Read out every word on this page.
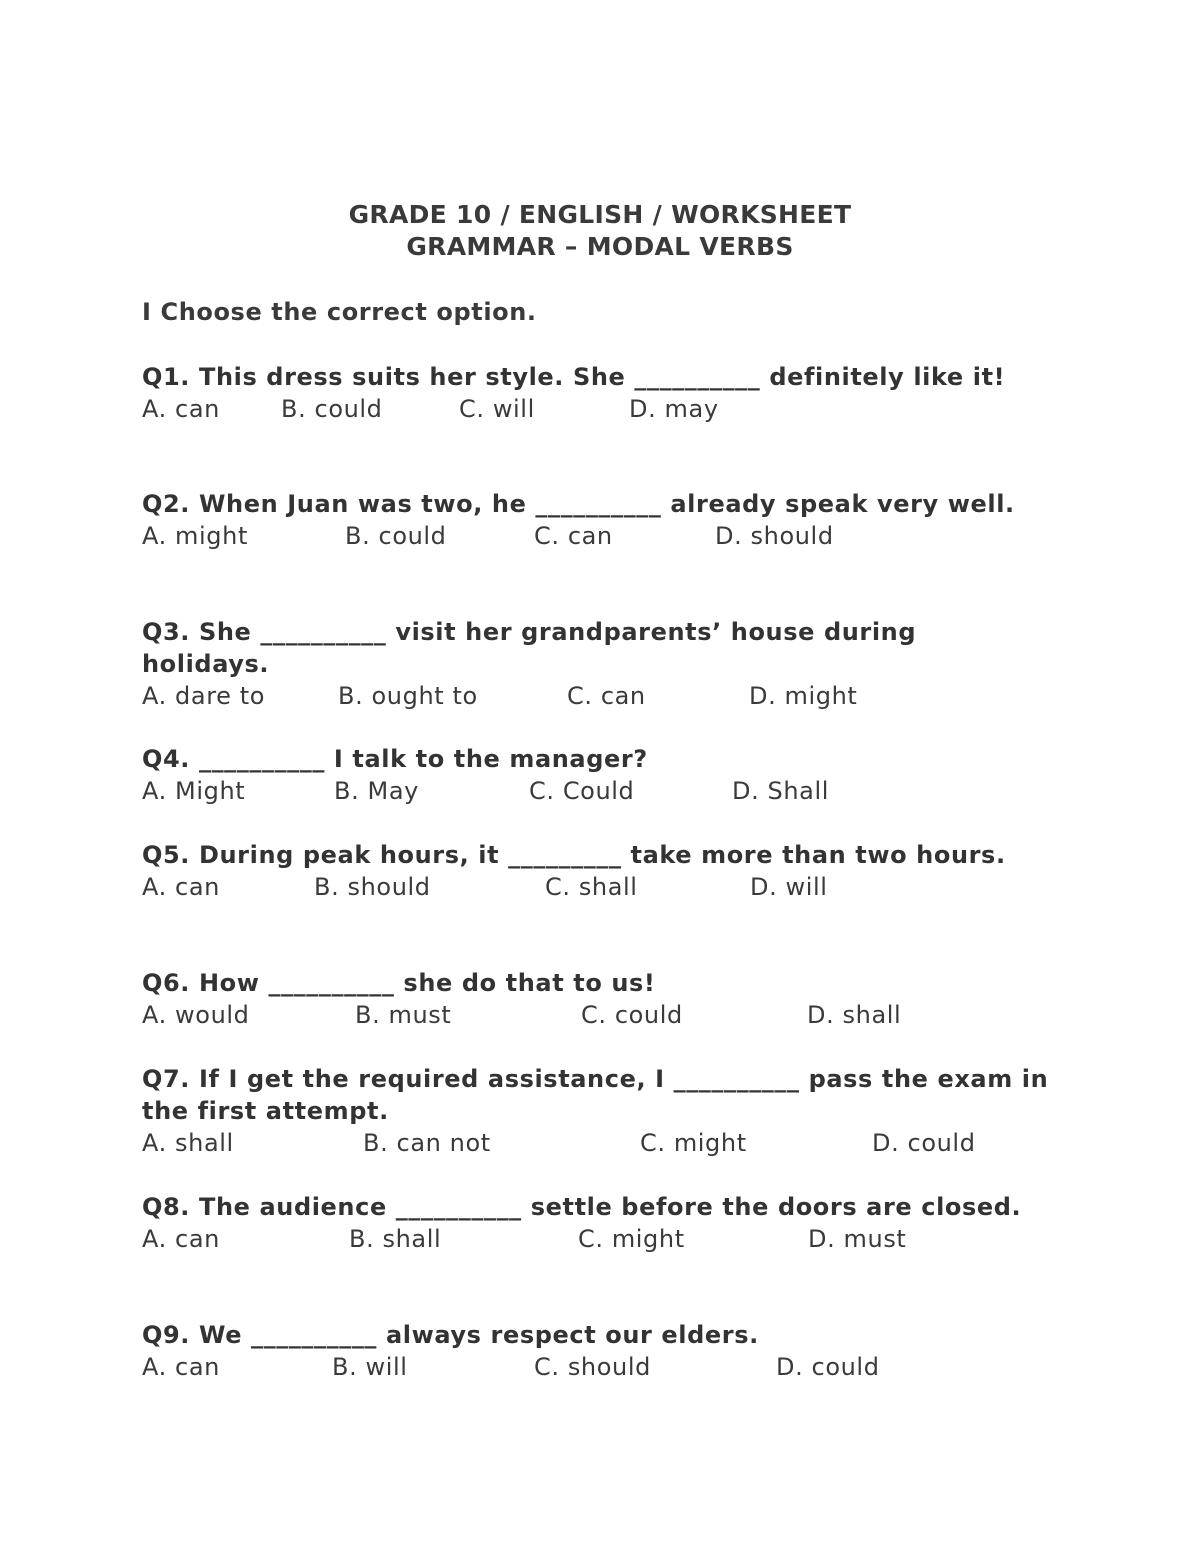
GRADE 10 / ENGLISH / WORKSHEET
GRAMMAR – MODAL VERBS
I Choose the correct option.
Q1. This dress suits her style. She __________ definitely like it!
A. can	B. could	C. will	D. may
Q2. When Juan was two, he __________ already speak very well.
A. might	B. could	C. can	D. should
Q3. She __________ visit her grandparents’ house during holidays.
A. dare to	B. ought to	C. can	D. might
Q4. __________ I talk to the manager?
A. Might	B. May	C. Could	D. Shall
Q5. During peak hours, it _________ take more than two hours.
A. can	B. should	C. shall	D. will
Q6. How __________ she do that to us!
A. would	B. must	C. could	D. shall
Q7. If I get the required assistance, I __________ pass the exam in the first attempt.
A. shall	B. can not	C. might	D. could
Q8. The audience __________ settle before the doors are closed.
A. can	B. shall	C. might	D. must
Q9. We __________ always respect our elders.
A. can	B. will	C. should	D. could
